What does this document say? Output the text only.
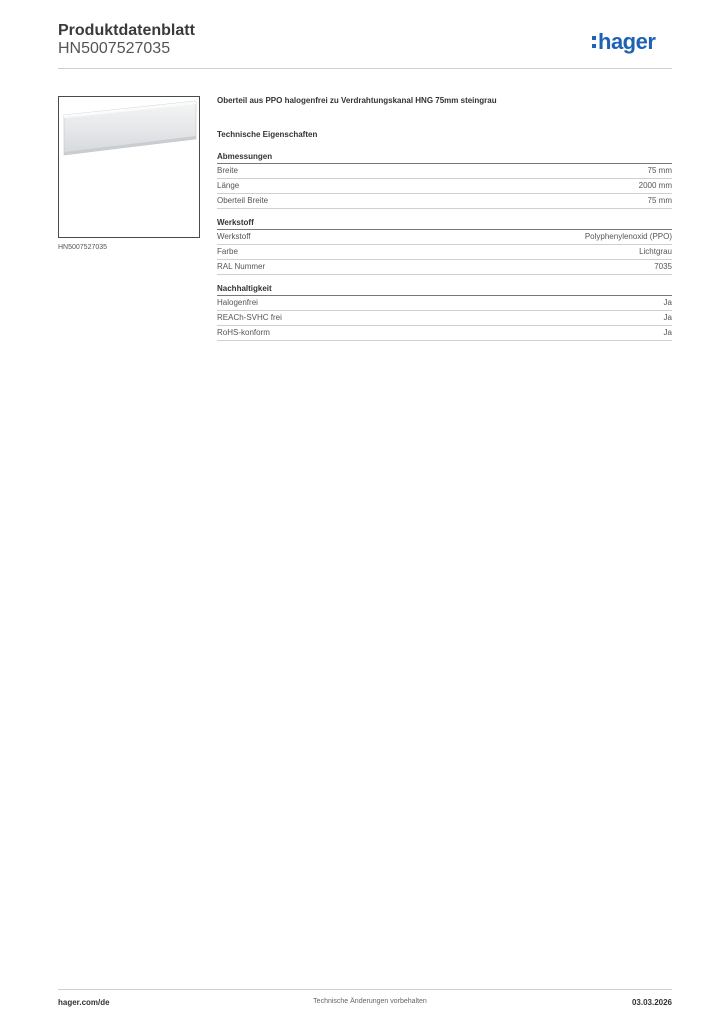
Produktdatenblatt
HN5007527035	hager
HN5007527035
Oberteil aus PPO halogenfrei zu Verdrahtungskanal HNG 75mm steingrau
Technische Eigenschaften
Abmessungen
Breite	75 mm
Länge	2000 mm
Oberteil Breite	75 mm
Werkstoff
Werkstoff	Polyphenylenoxid (PPO)
Farbe	Lichtgrau
RAL Nummer	7035
Nachhaltigkeit
Halogenfrei	Ja
REACh-SVHC frei	Ja
RoHS-konform	Ja
hager.com/de	Technische Änderungen vorbehalten	03.03.2026
